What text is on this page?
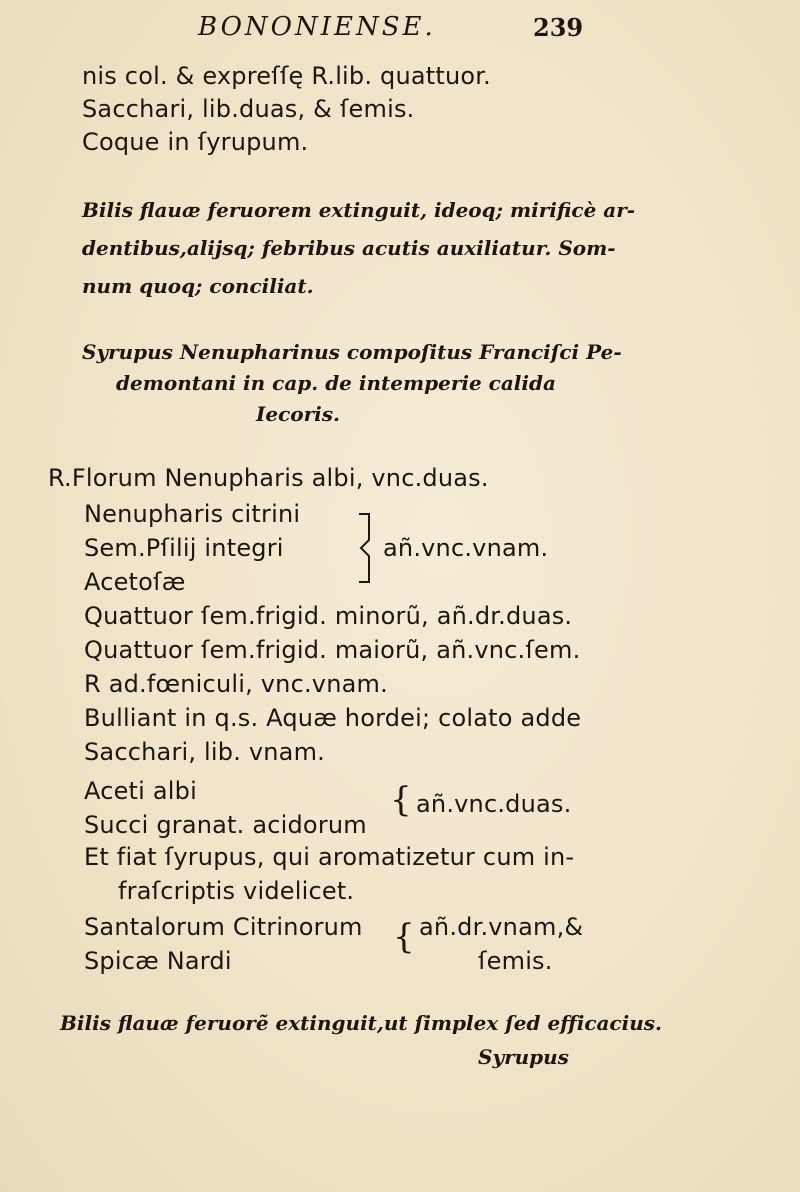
BONONIENSE.	239
nis col. & expreſſę R.lib. quattuor.
Sacchari, lib.duas, & ſemis.
Coque in ſyrupum.
Bilis flauæ feruorem extinguit, ideoq; mirificè ar-
dentibus,alijsq; febribus acutis auxiliatur. Som-
num quoq; conciliat.
Syrupus Nenupharinus compoſitus Franciſci Pe-
demontani in cap. de intemperie calida
Iecoris.
R.Florum Nenupharis albi, vnc.duas.
Nenupharis citrini
Sem.Pſilij integri
Acetoſæ
añ.vnc.vnam.
Quattuor ſem.frigid. minorũ, añ.dr.duas.
Quattuor ſem.frigid. maiorũ, añ.vnc.ſem.
R ad.fœniculi, vnc.vnam.
Bulliant in q.s. Aquæ hordei; colato adde
Sacchari, lib. vnam.
Aceti albi
Succi granat. acidorum
{ añ.vnc.duas.
Et fiat ſyrupus, qui aromatizetur cum in-
fraſcriptis videlicet.
Santalorum Citrinorum
Spicæ Nardi
{ añ.dr.vnam,&
ſemis.
Bilis flauæ feruorẽ extinguit,ut ſimplex ſed efficacius.
Syrupus
